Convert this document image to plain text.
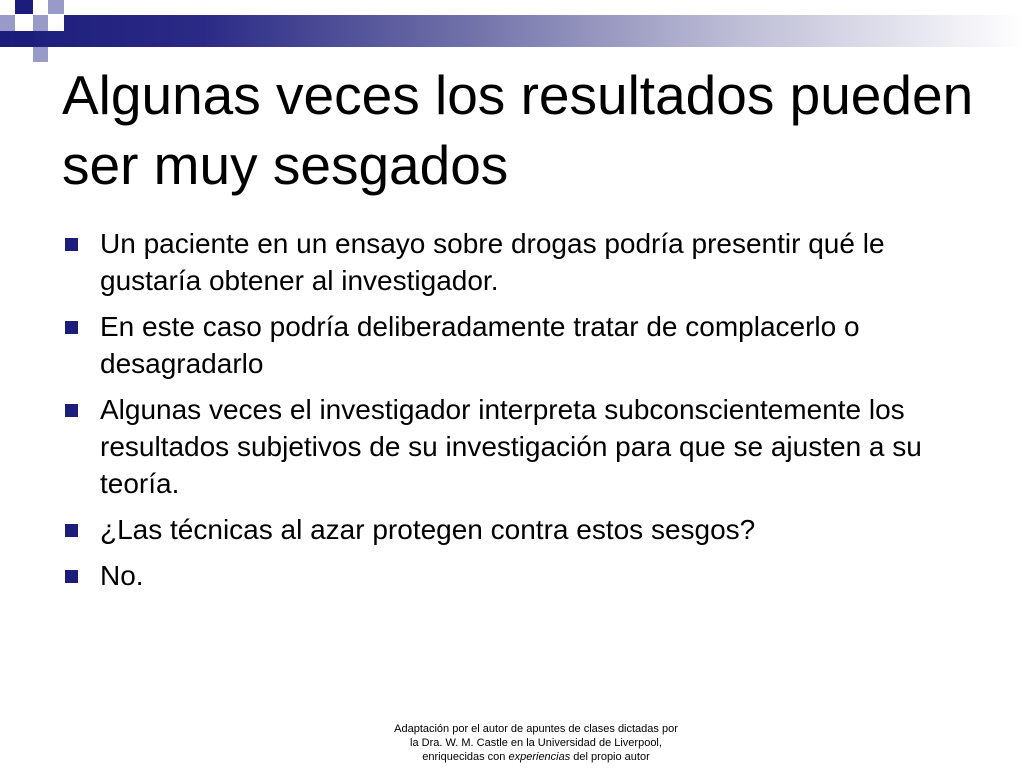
Algunas veces los resultados pueden ser muy sesgados
Un paciente en un ensayo sobre drogas podría presentir qué le gustaría obtener al investigador.
En este caso podría deliberadamente tratar de complacerlo o desagradarlo
Algunas veces el investigador interpreta subconscientemente los resultados subjetivos de su investigación para que se ajusten a su teoría.
¿Las técnicas al azar protegen contra estos sesgos?
No.
Adaptación por el autor de apuntes de clases dictadas por
la Dra. W. M. Castle en la Universidad de Liverpool,
enriquecidas con experiencias del propio autor
